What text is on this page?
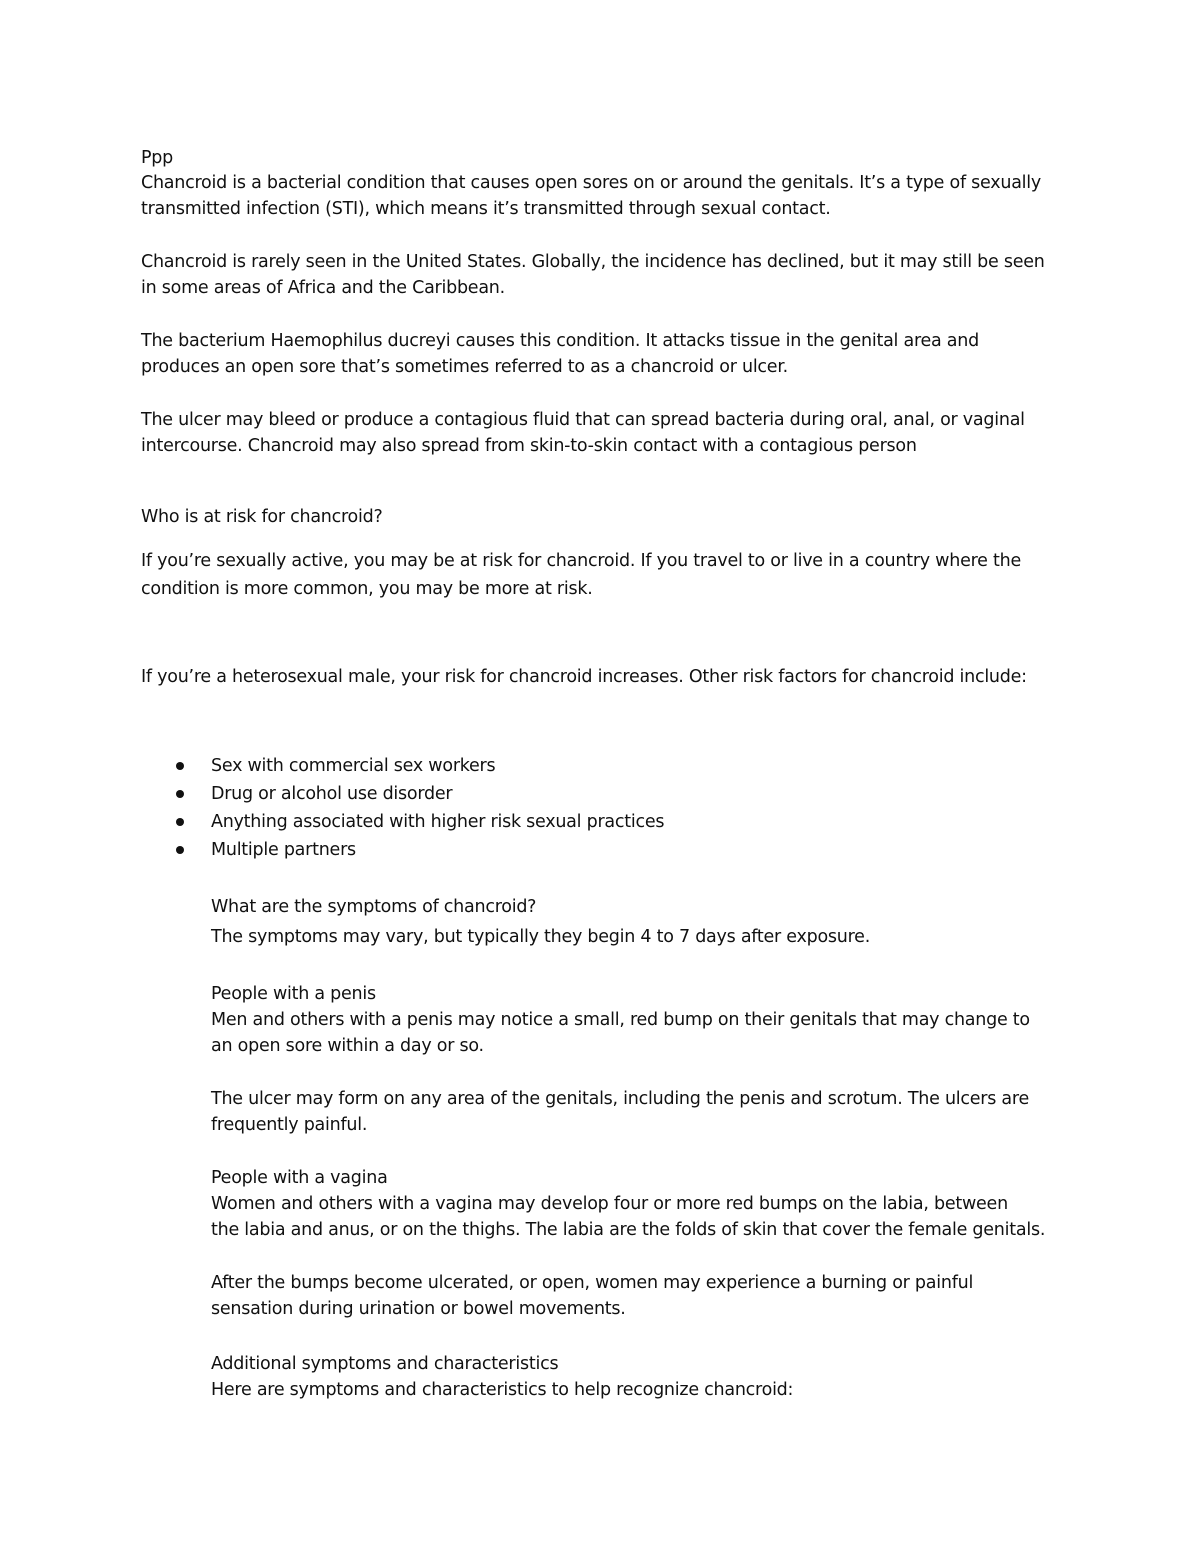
Ppp

Chancroid is a bacterial condition that causes open sores on or around the genitals. It’s a type of sexually

transmitted infection (STI), which means it’s transmitted through sexual contact.

Chancroid is rarely seen in the United States. Globally, the incidence has declined, but it may still be seen

in some areas of Africa and the Caribbean.

The bacterium Haemophilus ducreyi causes this condition. It attacks tissue in the genital area and

produces an open sore that’s sometimes referred to as a chancroid or ulcer.

The ulcer may bleed or produce a contagious fluid that can spread bacteria during oral, anal, or vaginal

intercourse. Chancroid may also spread from skin-to-skin contact with a contagious person

Who is at risk for chancroid?

If you’re sexually active, you may be at risk for chancroid. If you travel to or live in a country where the

condition is more common, you may be more at risk.

If you’re a heterosexual male, your risk for chancroid increases. Other risk factors for chancroid include:

Sex with commercial sex workers

Drug or alcohol use disorder

Anything associated with higher risk sexual practices

Multiple partners

What are the symptoms of chancroid?

The symptoms may vary, but typically they begin 4 to 7 days after exposure.

People with a penis

Men and others with a penis may notice a small, red bump on their genitals that may change to

an open sore within a day or so.

The ulcer may form on any area of the genitals, including the penis and scrotum. The ulcers are

frequently painful.

People with a vagina

Women and others with a vagina may develop four or more red bumps on the labia, between

the labia and anus, or on the thighs. The labia are the folds of skin that cover the female genitals.

After the bumps become ulcerated, or open, women may experience a burning or painful

sensation during urination or bowel movements.

Additional symptoms and characteristics

Here are symptoms and characteristics to help recognize chancroid:
